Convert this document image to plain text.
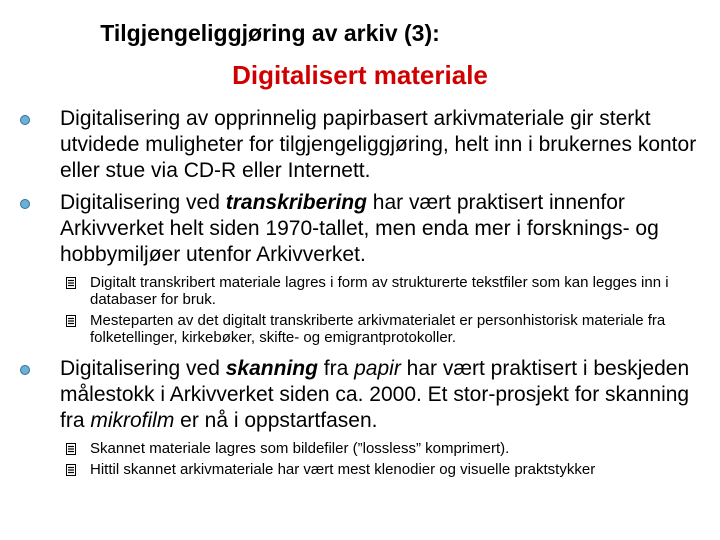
Tilgjengeliggjøring av arkiv (3):
Digitalisert materiale
Digitalisering av opprinnelig papirbasert arkivmateriale gir sterkt utvidede muligheter for tilgjengeliggjøring, helt inn i brukernes kontor eller stue via CD-R eller Internett.
Digitalisering ved transkribering har vært praktisert innenfor Arkivverket helt siden 1970-tallet, men enda mer i forsknings- og hobbymiljøer utenfor Arkivverket.
Digitalt transkribert materiale lagres i form av strukturerte tekstfiler som kan legges inn i databaser for bruk.
Mesteparten av det digitalt transkriberte arkivmaterialet er personhistorisk materiale fra folketellinger, kirkebøker, skifte- og emigrantprotokoller.
Digitalisering ved skanning fra papir har vært praktisert i beskjeden målestokk i Arkivverket siden ca. 2000. Et stor-prosjekt for skanning fra mikrofilm er nå i oppstartfasen.
Skannet materiale lagres som bildefiler (”lossless” komprimert).
Hittil skannet arkivmateriale har vært mest klenodier og visuelle praktstykker
